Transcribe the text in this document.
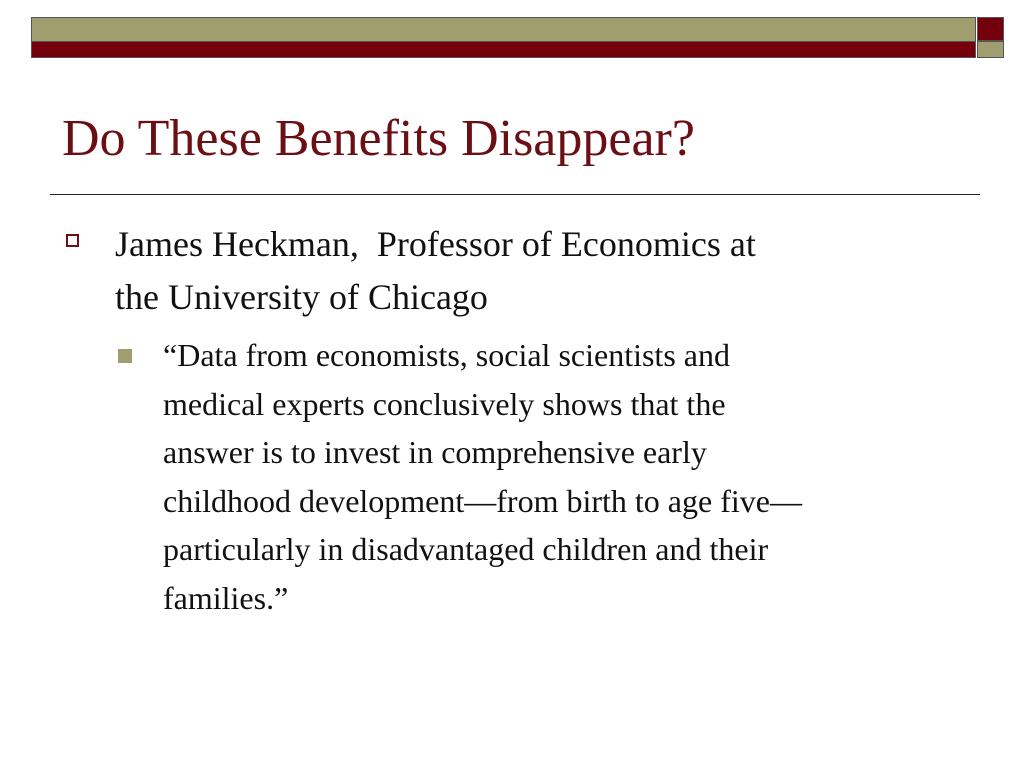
Do These Benefits Disappear?

James Heckman,  Professor of Economics at
the University of Chicago

“Data from economists, social scientists and
medical experts conclusively shows that the
answer is to invest in comprehensive early
childhood development—from birth to age five—
particularly in disadvantaged children and their
families.”
